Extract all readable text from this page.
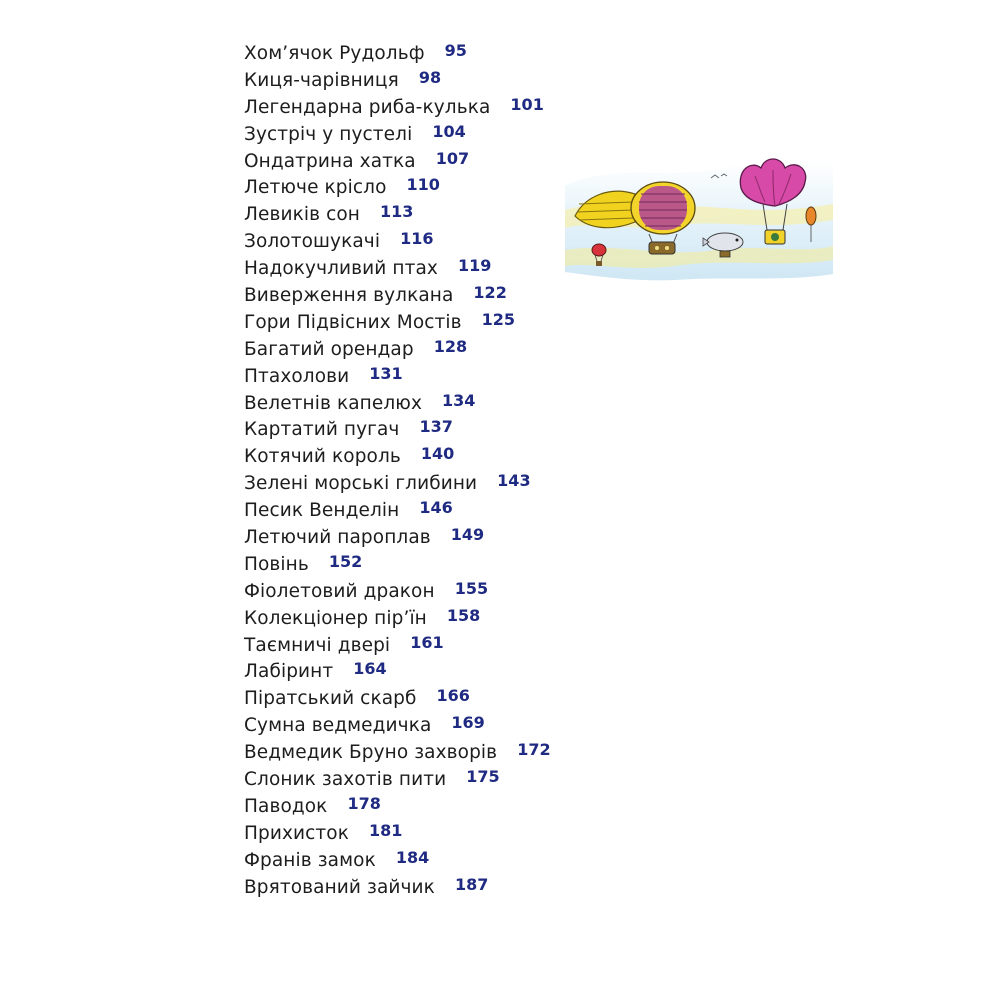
Хом’ячок Рудольф 95
Киця-чарівниця 98
Легендарна риба-кулька 101
Зустріч у пустелі 104
Ондатрина хатка 107
Летюче крісло 110
Левиків сон 113
Золотошукачі 116
Надокучливий птах 119
Виверження вулкана 122
Гори Підвісних Мостів 125
Багатий орендар 128
Птахолови 131
Велетнів капелюх 134
Картатий пугач 137
Котячий король 140
Зелені морські глибини 143
Песик Венделін 146
Летючий пароплав 149
Повінь 152
Фіолетовий дракон 155
Колекціонер пір’їн 158
Таємничі двері 161
Лабіринт 164
Піратський скарб 166
Сумна ведмедичка 169
Ведмедик Бруно захворів 172
Слоник захотів пити 175
Паводок 178
Прихисток 181
Франів замок 184
Врятований зайчик 187
